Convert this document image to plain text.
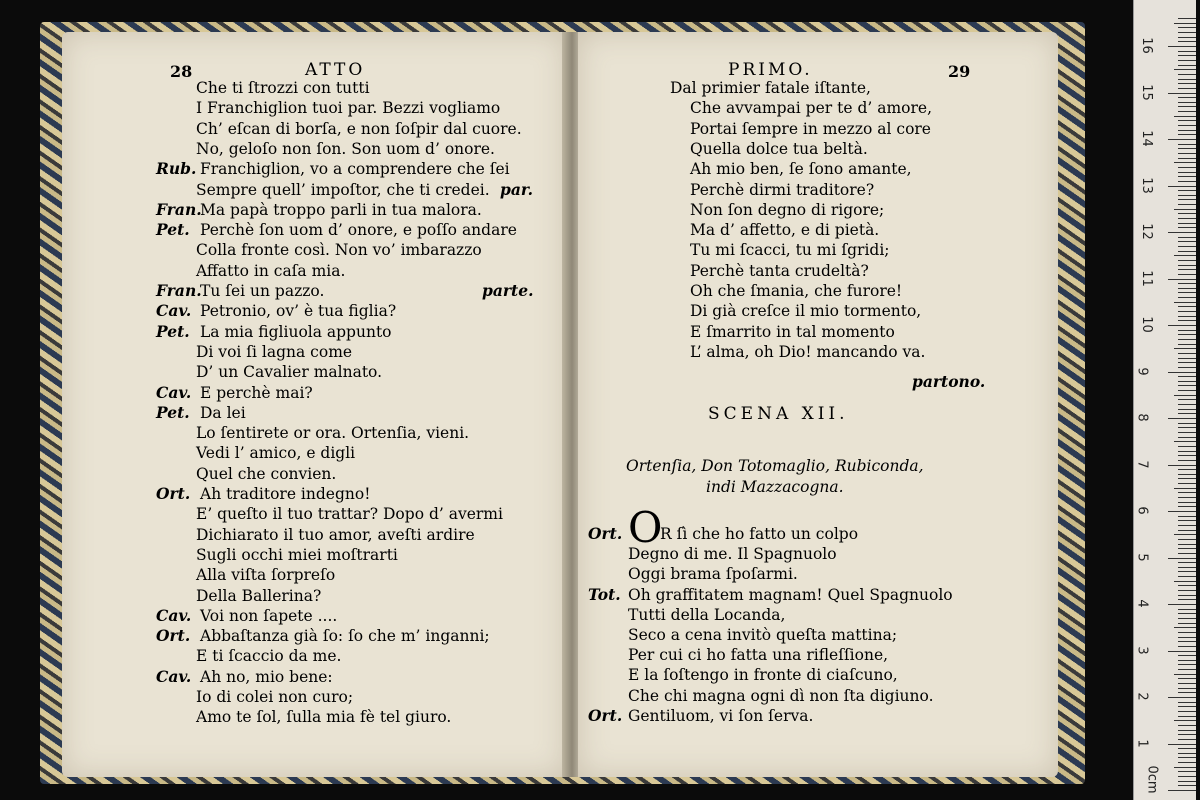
28	ATTO
Che ti ſtrozzi con tutti
I Franchiglion tuoi par. Bezzi vogliamo
Ch’ eſcan di borſa, e non ſoſpir dal cuore.
No, geloſo non ſon. Son uom d’ onore.
Rub. Franchiglion, vo a comprendere che ſei
Sempre quell’ impoſtor, che ti credei. par.
Fran.
Ma papà troppo parli in tua malora.
Pet. Perchè ſon uom d’ onore, e poſſo andare
Colla fronte così. Non vo’ imbarazzo
Affatto in caſa mia.
Fran.
Tu ſei un pazzo.	parte.
Cav. Petronio, ov’ è tua figlia?
Pet. La mia figliuola appunto
Di voi ſi lagna come
D’ un Cavalier malnato.
Cav. E perchè mai?
Pet. Da lei
Lo ſentirete or ora. Ortenſia, vieni.
Vedi l’ amico, e digli
Quel che convien.
Ort. Ah traditore indegno!
E’ queſto il tuo trattar? Dopo d’ avermi
Dichiarato il tuo amor, aveſti ardire
Sugli occhi miei moſtrarti
Alla viſta ſorpreſo
Della Ballerina?
Cav. Voi non ſapete ....
Ort. Abbaſtanza già ſo: ſo che m’ inganni;
E ti ſcaccio da me.
Cav. Ah no, mio bene:
Io di colei non curo;
Amo te ſol, ſulla mia fè tel giuro.
PRIMO.	29
Dal primier fatale iſtante,
Che avvampai per te d’ amore,
Portai ſempre in mezzo al core
Quella dolce tua beltà.
Ah mio ben, ſe ſono amante,
Perchè dirmi traditore?
Non ſon degno di rigore;
Ma d’ affetto, e di pietà.
Tu mi ſcacci, tu mi ſgridi;
Perchè tanta crudeltà?
Oh che ſmania, che furore!
Di già creſce il mio tormento,
E ſmarrito in tal momento
L’ alma, oh Dio! mancando va.
partono.
SCENA XII.
Ortenſia, Don Totomaglio, Rubiconda,
indi Mazzacogna.
O
Ort. R ſì che ho fatto un colpo
Degno di me. Il Spagnuolo
Oggi brama ſpoſarmi.
Tot. Oh graffitatem magnam! Quel Spagnuolo
Tutti della Locanda,
Seco a cena invitò queſta mattina;
Per cui ci ho fatta una rifleſſione,
E la ſoſtengo in fronte di ciaſcuno,
Che chi magna ogni dì non ſta digiuno.
Ort. Gentiluom, vi ſon ſerva.
1
2
3
4
5
6
7
8
9
10
11
12
13
14
15
16
0cm
